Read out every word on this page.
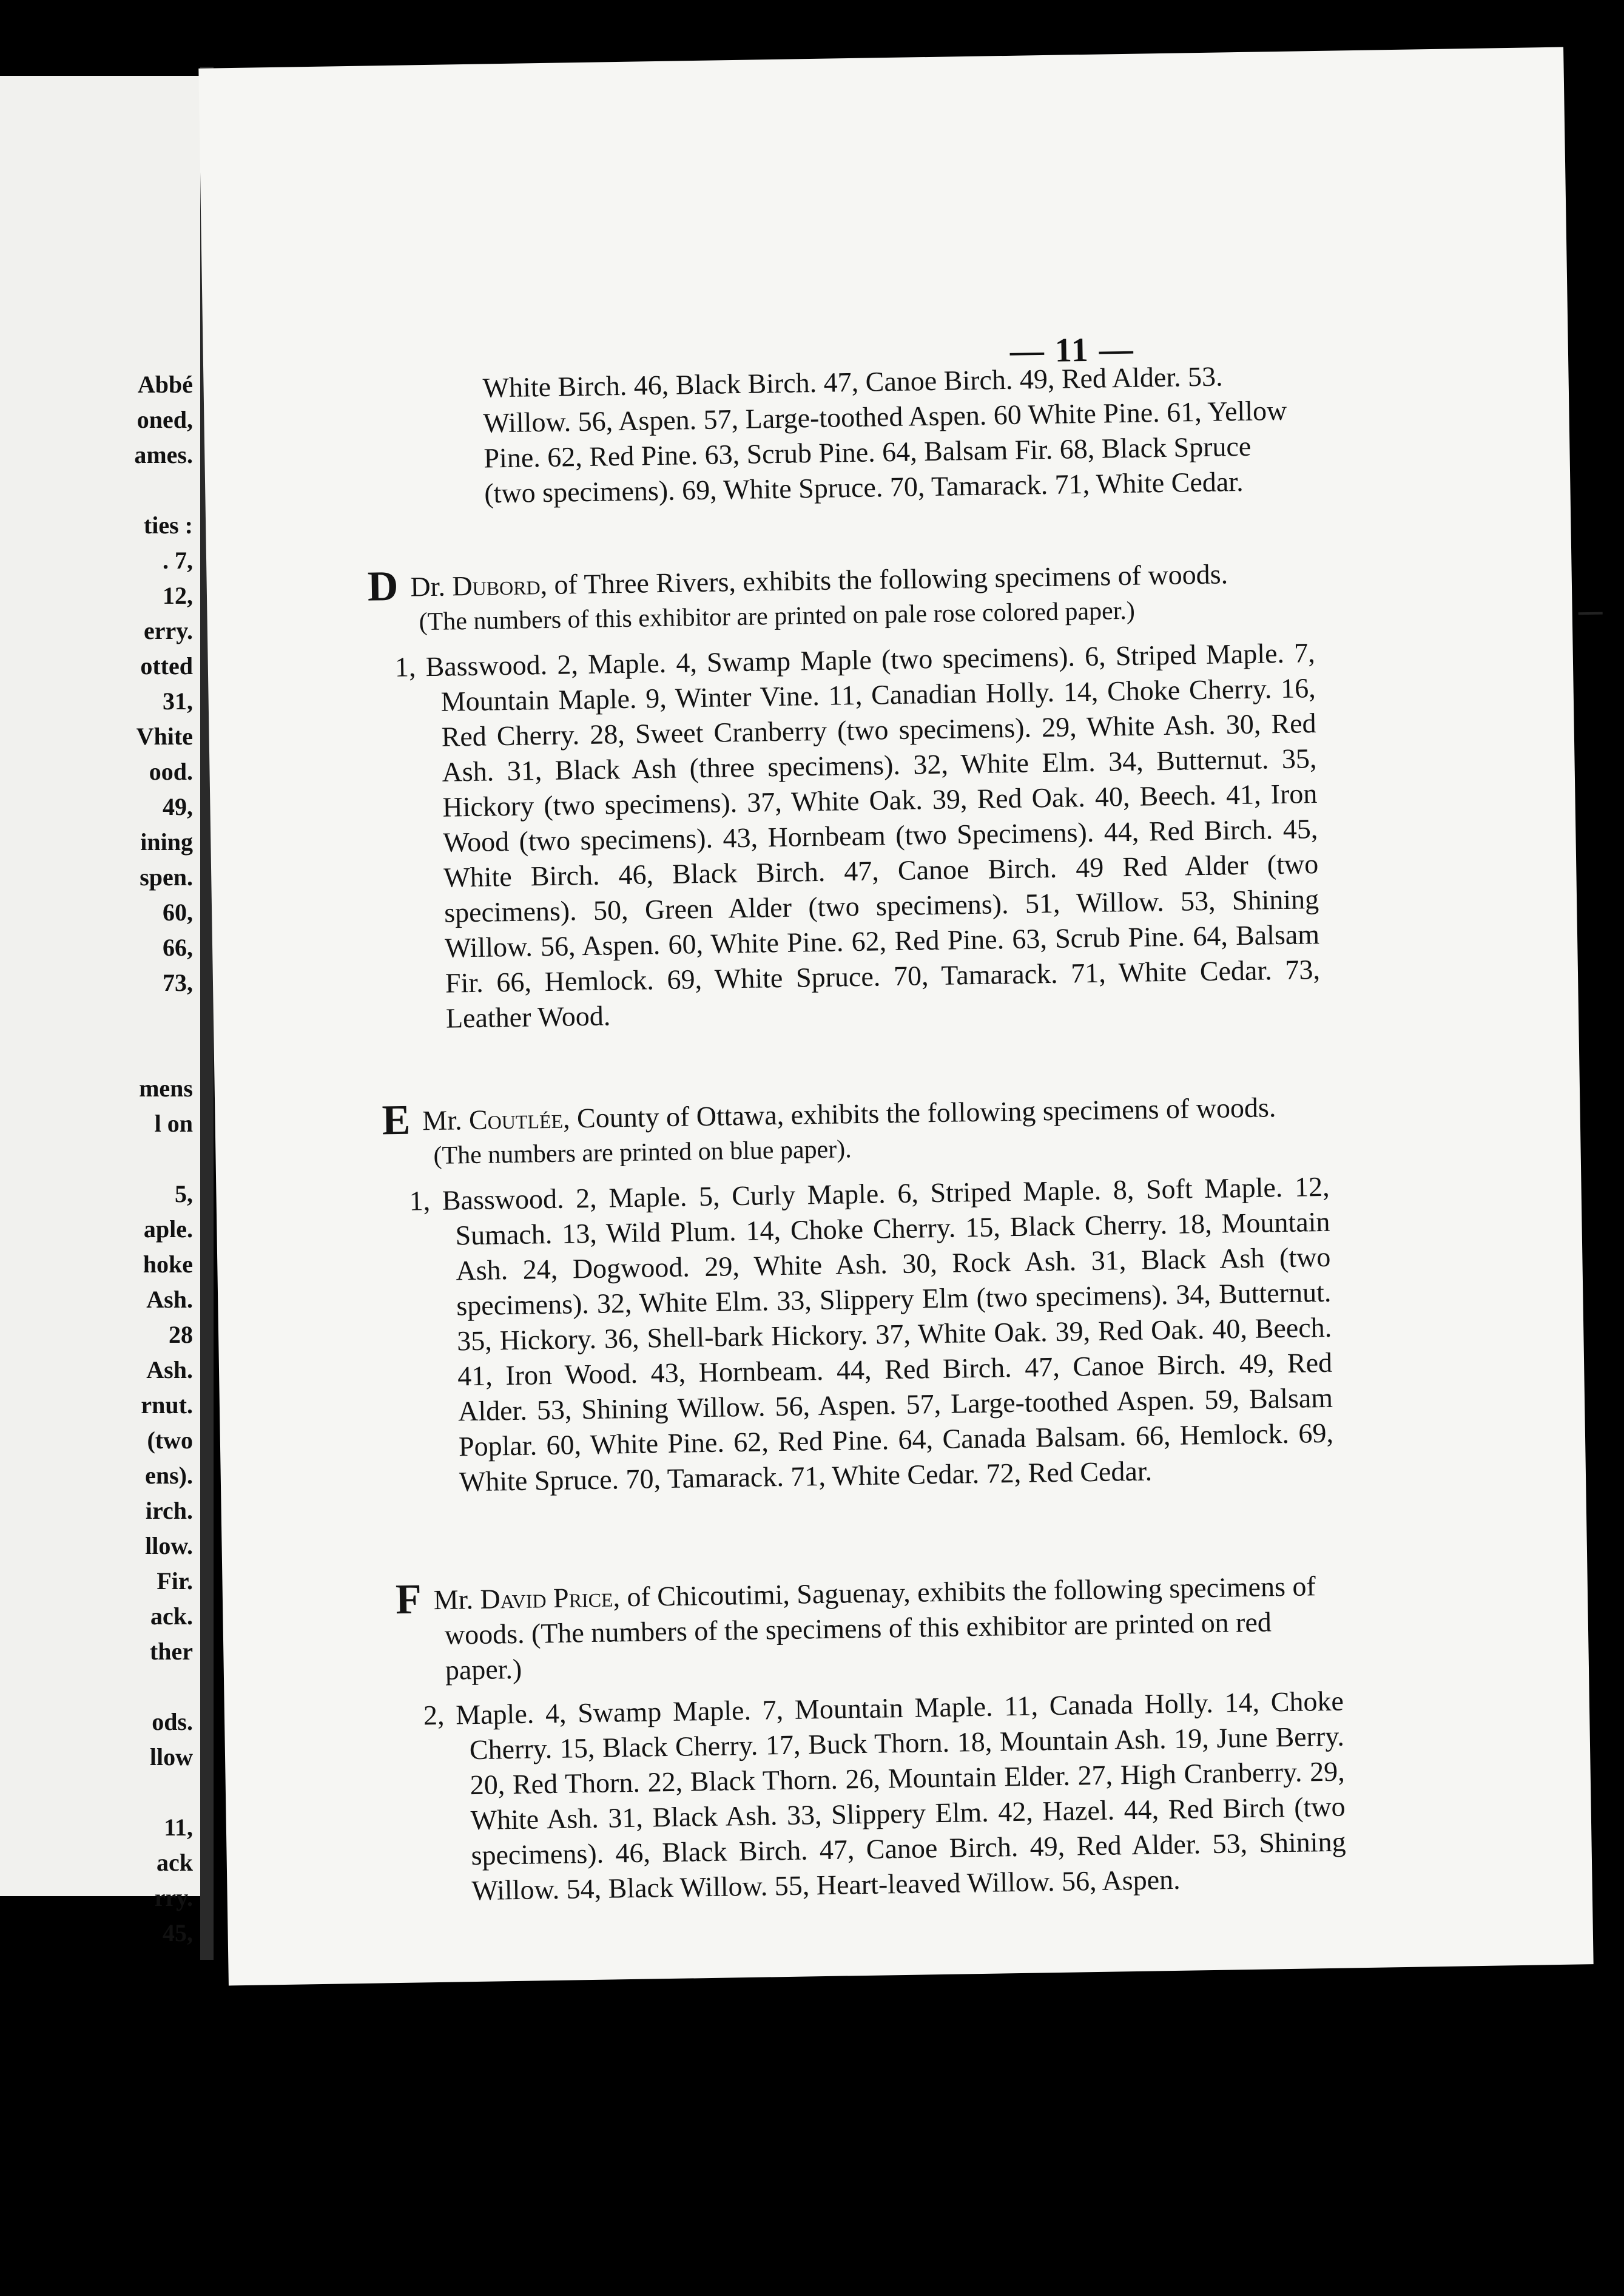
Abbé
oned,
ames.
ties :
. 7,
12,
erry.
otted
31,
Vhite
ood.
49,
ining
spen.
60,
66,
73,
mens
l on
5,
aple.
hoke
Ash.
28
Ash.
rnut.
(two
ens).
irch.
llow.
Fir.
ack.
ther
ods.
llow
11,
ack
rry.
45,
— 11 —
White Birch. 46, Black Birch. 47, Canoe Birch. 49, Red Alder. 53. Willow. 56, Aspen. 57, Large-toothed Aspen. 60 White Pine. 61, Yellow Pine. 62, Red Pine. 63, Scrub Pine. 64, Balsam Fir. 68, Black Spruce (two specimens). 69, White Spruce. 70, Tamarack. 71, White Cedar.
D Dr. Dubord, of Three Rivers, exhibits the following specimens of woods.
(The numbers of this exhibitor are printed on pale rose colored paper.)
1, Basswood. 2, Maple. 4, Swamp Maple (two specimens). 6, Striped Maple. 7, Mountain Maple. 9, Winter Vine. 11, Canadian Holly. 14, Choke Cherry. 16, Red Cherry. 28, Sweet Cranberry (two specimens). 29, White Ash. 30, Red Ash. 31, Black Ash (three specimens). 32, White Elm. 34, Butternut. 35, Hickory (two specimens). 37, White Oak. 39, Red Oak. 40, Beech. 41, Iron Wood (two specimens). 43, Hornbeam (two Specimens). 44, Red Birch. 45, White Birch. 46, Black Birch. 47, Canoe Birch. 49 Red Alder (two specimens). 50, Green Alder (two specimens). 51, Willow. 53, Shining Willow. 56, Aspen. 60, White Pine. 62, Red Pine. 63, Scrub Pine. 64, Balsam Fir. 66, Hemlock. 69, White Spruce. 70, Tamarack. 71, White Cedar. 73, Leather Wood.
E Mr. Coutlée, County of Ottawa, exhibits the following specimens of woods.
(The numbers are printed on blue paper).
1, Basswood. 2, Maple. 5, Curly Maple. 6, Striped Maple. 8, Soft Maple. 12, Sumach. 13, Wild Plum. 14, Choke Cherry. 15, Black Cherry. 18, Mountain Ash. 24, Dogwood. 29, White Ash. 30, Rock Ash. 31, Black Ash (two specimens). 32, White Elm. 33, Slippery Elm (two specimens). 34, Butternut. 35, Hickory. 36, Shell-bark Hickory. 37, White Oak. 39, Red Oak. 40, Beech. 41, Iron Wood. 43, Hornbeam. 44, Red Birch. 47, Canoe Birch. 49, Red Alder. 53, Shining Willow. 56, Aspen. 57, Large-toothed Aspen. 59, Balsam Poplar. 60, White Pine. 62, Red Pine. 64, Canada Balsam. 66, Hemlock. 69, White Spruce. 70, Tamarack. 71, White Cedar. 72, Red Cedar.
F Mr. David Price, of Chicoutimi, Saguenay, exhibits the following specimens of woods. (The numbers of the specimens of this exhibitor are printed on red paper.)
2, Maple. 4, Swamp Maple. 7, Mountain Maple. 11, Canada Holly. 14, Choke Cherry. 15, Black Cherry. 17, Buck Thorn. 18, Mountain Ash. 19, June Berry. 20, Red Thorn. 22, Black Thorn. 26, Mountain Elder. 27, High Cranberry. 29, White Ash. 31, Black Ash. 33, Slippery Elm. 42, Hazel. 44, Red Birch (two specimens). 46, Black Birch. 47, Canoe Birch. 49, Red Alder. 53, Shining Willow. 54, Black Willow. 55, Heart-leaved Willow. 56, Aspen.
